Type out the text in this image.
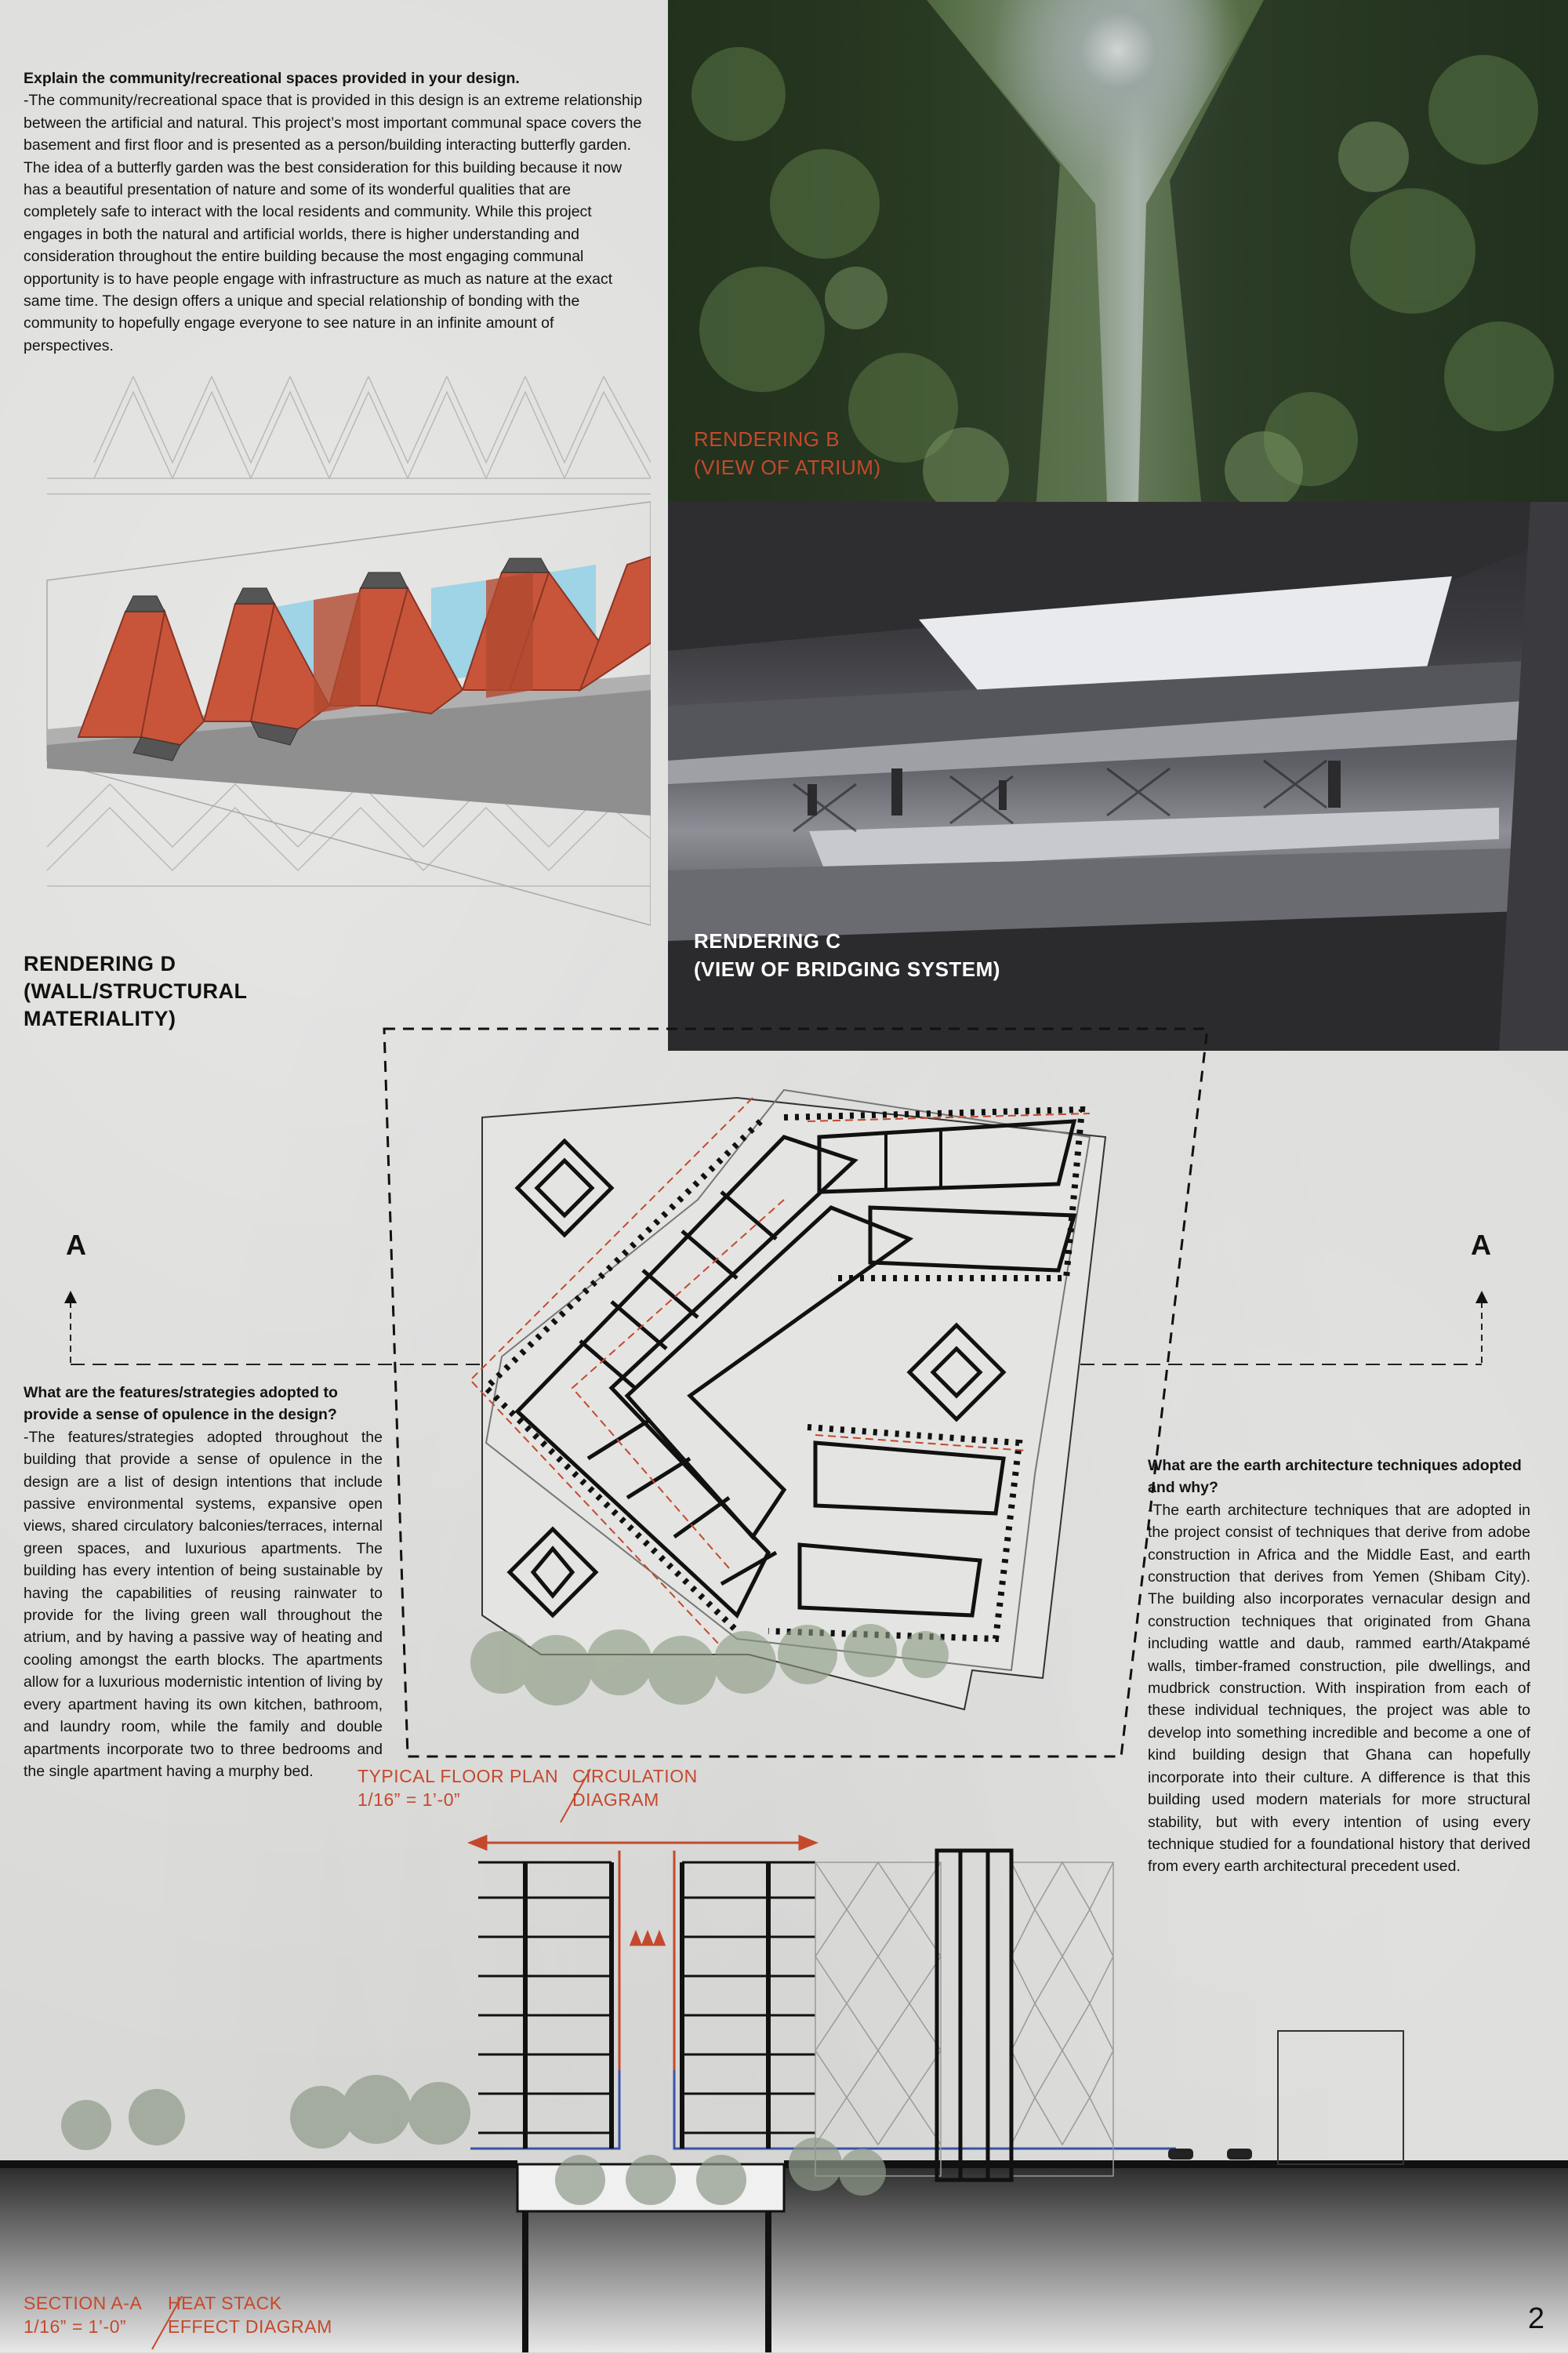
Explain the community/recreational spaces provided in your design.
-The community/recreational space that is provided in this design is an extreme relationship between the artificial and natural. This project’s most important communal space covers the basement and first floor and is presented as a person/building interacting butterfly garden. The idea of a butterfly garden was the best consideration for this building because it now has a beautiful presentation of nature and some of its wonderful qualities that are completely safe to interact with the local residents and community. While this project engages in both the natural and artificial worlds, there is higher understanding and consideration throughout the entire building because the most engaging communal opportunity is to have people engage with infrastructure as much as nature at the exact same time. The design offers a unique and special relationship of bonding with the community to hopefully engage everyone to see nature in an infinite amount of perspectives.
RENDERING B
(VIEW OF ATRIUM)
RENDERING C
(VIEW OF BRIDGING SYSTEM)
RENDERING D
(WALL/STRUCTURAL
MATERIALITY)
A	A
TYPICAL FLOOR PLAN
1/16” = 1’-0”
CIRCULATION
DIAGRAM
What are the features/strategies adopted to provide a sense of opulence in the design?
-The features/strategies adopted throughout the building that provide a sense of opulence in the design are a list of design intentions that include passive environmental systems, expansive open views, shared circulatory balconies/terraces, internal green spaces, and luxurious apartments. The building has every intention of being sustainable by having the capabilities of reusing rainwater to provide for the living green wall throughout the atrium, and by having a passive way of heating and cooling amongst the earth blocks. The apartments allow for a luxurious modernistic intention of living by every apartment having its own kitchen, bathroom, and laundry room, while the family and double apartments incorporate two to three bedrooms and the single apartment having a murphy bed.
What are the earth architecture techniques adopted and why?
-The earth architecture techniques that are adopted in the project consist of techniques that derive from adobe construction in Africa and the Middle East, and earth construction that derives from Yemen (Shibam City). The building also incorporates vernacular design and construction techniques that originated from Ghana including wattle and daub, rammed earth/Atakpamé walls, timber-framed construction, pile dwellings, and mudbrick construction. With inspiration from each of these individual techniques, the project was able to develop into something incredible and become a one of kind building design that Ghana can hopefully incorporate into their culture. A difference is that this building used modern materials for more structural stability, but with every intention of using every technique studied for a foundational history that derived from every earth architectural precedent used.
SECTION A-A
1/16” = 1’-0”
HEAT STACK
EFFECT DIAGRAM	2
